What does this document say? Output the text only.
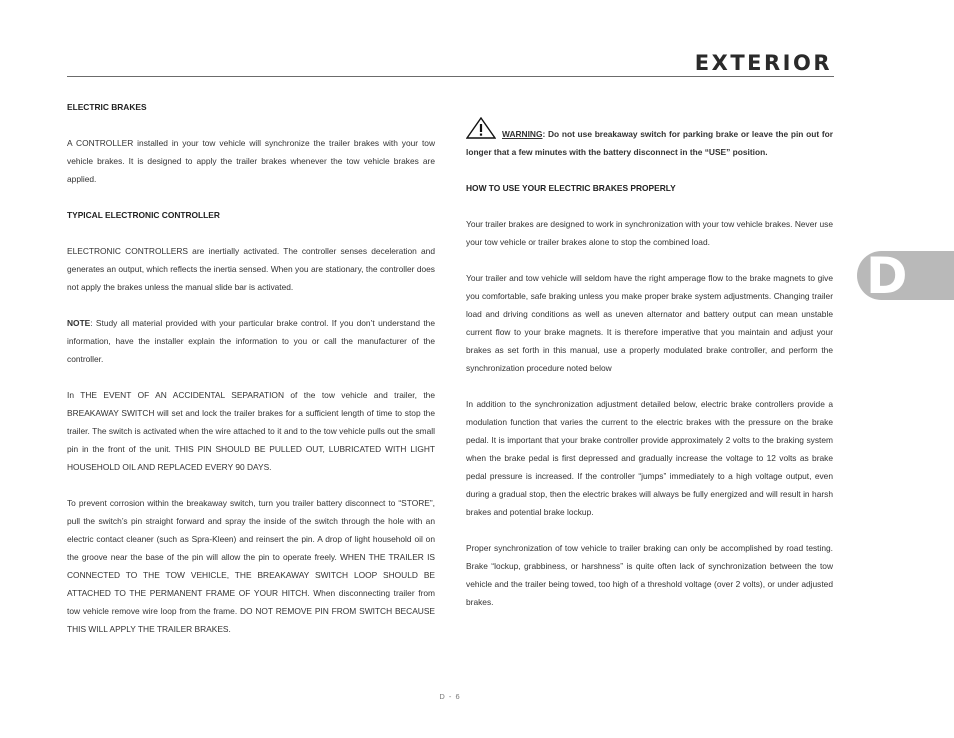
EXTERIOR
D
ELECTRIC BRAKES

A CONTROLLER installed in your tow vehicle will synchronize the trailer brakes with your tow vehicle brakes. It is designed to apply the trailer brakes whenever the tow vehicle brakes are applied.

TYPICAL ELECTRONIC CONTROLLER

ELECTRONIC CONTROLLERS are inertially activated. The controller senses deceleration and generates an output, which reflects the inertia sensed. When you are stationary, the controller does not apply the brakes unless the manual slide bar is activated.

NOTE: Study all material provided with your particular brake control. If you don’t understand the information, have the installer explain the information to you or call the manufacturer of the controller.

In THE EVENT OF AN ACCIDENTAL SEPARATION of the tow vehicle and trailer, the BREAKAWAY SWITCH will set and lock the trailer brakes for a sufficient length of time to stop the trailer. The switch is activated when the wire attached to it and to the tow vehicle pulls out the small pin in the front of the unit. THIS PIN SHOULD BE PULLED OUT, LUBRICATED WITH LIGHT HOUSEHOLD OIL AND REPLACED EVERY 90 DAYS.

To prevent corrosion within the breakaway switch, turn you trailer battery disconnect to “STORE”, pull the switch’s pin straight forward and spray the inside of the switch through the hole with an electric contact cleaner (such as Spra-Kleen) and reinsert the pin. A drop of light household oil on the groove near the base of the pin will allow the pin to operate freely. WHEN THE TRAILER IS CONNECTED TO THE TOW VEHICLE, THE BREAKAWAY SWITCH LOOP SHOULD BE ATTACHED TO THE PERMANENT FRAME OF YOUR HITCH. When disconnecting trailer from tow vehicle remove wire loop from the frame. DO NOT REMOVE PIN FROM SWITCH BECAUSE THIS WILL APPLY THE TRAILER BRAKES.

WARNING: Do not use breakaway switch for parking brake or leave the pin out for longer that a few minutes with the battery disconnect in the “USE” position.

HOW TO USE YOUR ELECTRIC BRAKES PROPERLY

Your trailer brakes are designed to work in synchronization with your tow vehicle brakes. Never use your tow vehicle or trailer brakes alone to stop the combined load.

Your trailer and tow vehicle will seldom have the right amperage flow to the brake magnets to give you comfortable, safe braking unless you make proper brake system adjustments. Changing trailer load and driving conditions as well as uneven alternator and battery output can mean unstable current flow to your brake magnets. It is therefore imperative that you maintain and adjust your brakes as set forth in this manual, use a properly modulated brake controller, and perform the synchronization procedure noted below

In addition to the synchronization adjustment detailed below, electric brake controllers provide a modulation function that varies the current to the electric brakes with the pressure on the brake pedal. It is important that your brake controller provide approximately 2 volts to the braking system when the brake pedal is first depressed and gradually increase the voltage to 12 volts as brake pedal pressure is increased. If the controller “jumps” immediately to a high voltage output, even during a gradual stop, then the electric brakes will always be fully energized and will result in harsh brakes and potential brake lockup.

Proper synchronization of tow vehicle to trailer braking can only be accomplished by road testing. Brake “lockup, grabbiness, or harshness” is quite often lack of synchronization between the tow vehicle and the trailer being towed, too high of a threshold voltage (over 2 volts), or under adjusted brakes.

D - 6
